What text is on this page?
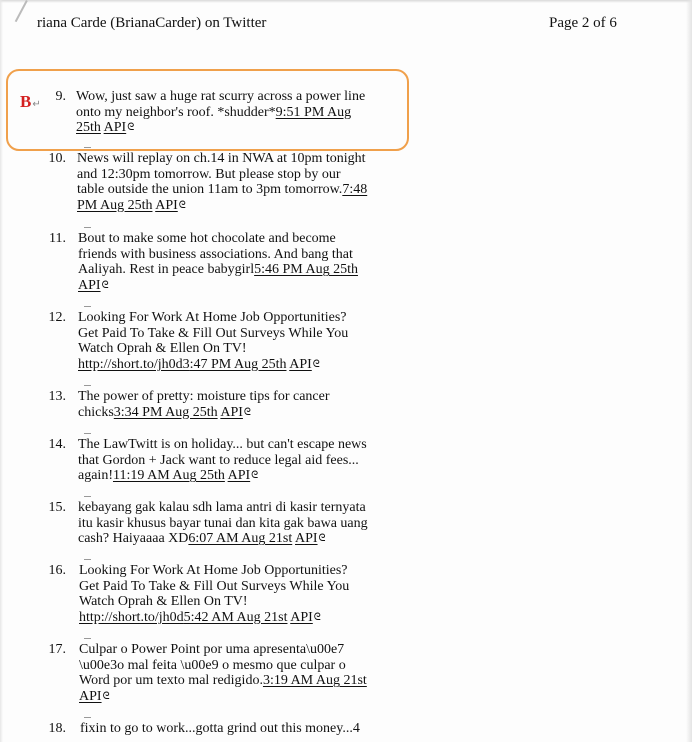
riana Carde (BrianaCarder) on Twitter	Page 2 of 6
B↵
9. Wow, just saw a huge rat scurry across a power line
onto my neighbor's roof. *shudder*9:51 PM Aug
25th APIᘓ
10. News will replay on ch.14 in NWA at 10pm tonight
and 12:30pm tomorrow. But please stop by our
table outside the union 11am to 3pm tomorrow.7:48
PM Aug 25th APIᘓ
11. Bout to make some hot chocolate and become
friends with business associations. And bang that
Aaliyah. Rest in peace babygirl5:46 PM Aug 25th
APIᘓ
12. Looking For Work At Home Job Opportunities?
Get Paid To Take & Fill Out Surveys While You
Watch Oprah & Ellen On TV!
http://short.to/jh0d3:47 PM Aug 25th APIᘓ
13. The power of pretty: moisture tips for cancer
chicks3:34 PM Aug 25th APIᘓ
14. The LawTwitt is on holiday... but can't escape news
that Gordon + Jack want to reduce legal aid fees...
again!11:19 AM Aug 25th APIᘓ
15. kebayang gak kalau sdh lama antri di kasir ternyata
itu kasir khusus bayar tunai dan kita gak bawa uang
cash? Haiyaaaa XD6:07 AM Aug 21st APIᘓ
16. Looking For Work At Home Job Opportunities?
Get Paid To Take & Fill Out Surveys While You
Watch Oprah & Ellen On TV!
http://short.to/jh0d5:42 AM Aug 21st APIᘓ
17. Culpar o Power Point por uma apresenta\u00e7
\u00e3o mal feita \u00e9 o mesmo que culpar o
Word por um texto mal redigido.3:19 AM Aug 21st
APIᘓ
18. fixin to go to work...gotta grind out this money...4
